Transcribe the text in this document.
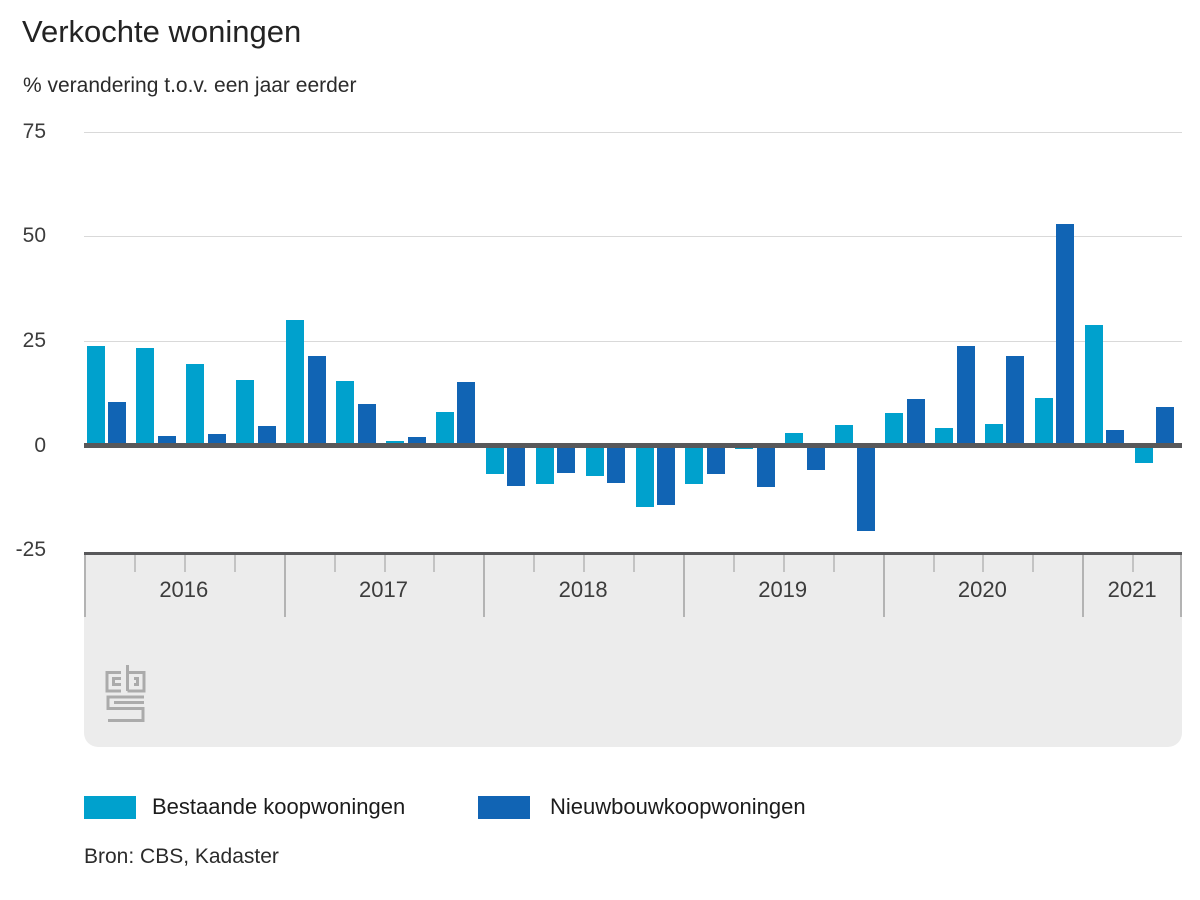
Verkochte woningen
% verandering t.o.v. een jaar eerder
2016	2017	2018	2019	2020	2021
75
50
25
0
-25
Bestaande koopwoningen	Nieuwbouwkoopwoningen
Bron: CBS, Kadaster
